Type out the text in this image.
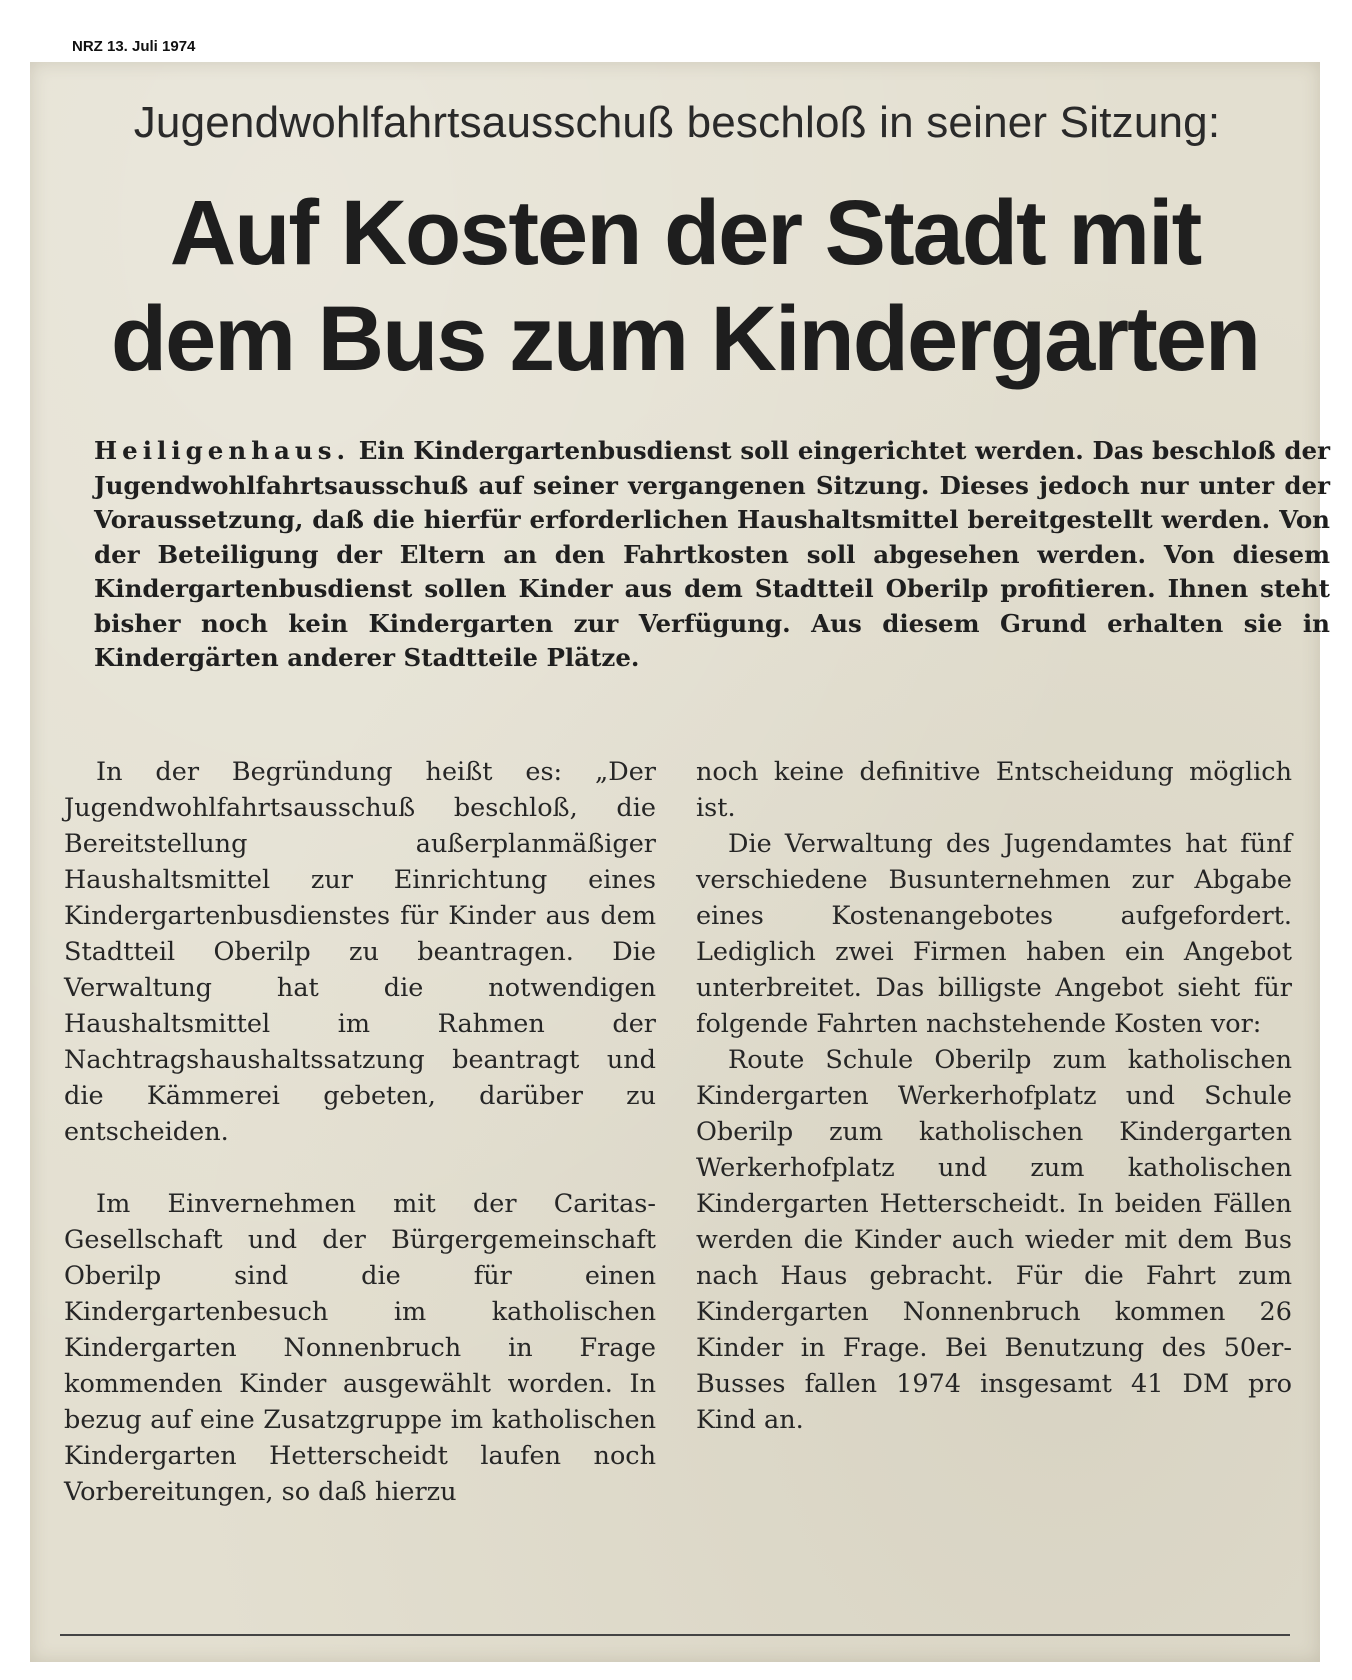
NRZ 13. Juli 1974
Jugendwohlfahrtsausschuß beschloß in seiner Sitzung:
Auf Kosten der Stadt mit dem Bus zum Kindergarten
Heiligenhaus. Ein Kindergartenbusdienst soll eingerichtet werden. Das beschloß der Jugendwohlfahrtsausschuß auf seiner vergangenen Sitzung. Dieses jedoch nur unter der Voraussetzung, daß die hierfür erforderlichen Haushaltsmittel bereitgestellt werden. Von der Beteiligung der Eltern an den Fahrtkosten soll abgesehen werden. Von diesem Kindergartenbusdienst sollen Kinder aus dem Stadtteil Oberilp profitieren. Ihnen steht bisher noch kein Kindergarten zur Verfügung. Aus diesem Grund erhalten sie in Kindergärten anderer Stadtteile Plätze.

In der Begründung heißt es: „Der Jugendwohlfahrtsausschuß beschloß, die Bereitstellung außerplanmäßiger Haushaltsmittel zur Einrichtung eines Kindergartenbusdienstes für Kinder aus dem Stadtteil Oberilp zu beantragen. Die Verwaltung hat die notwendigen Haushaltsmittel im Rahmen der Nachtragshaushaltssatzung beantragt und die Kämmerei gebeten, darüber zu entscheiden.

Im Einvernehmen mit der Caritas-Gesellschaft und der Bürgergemeinschaft Oberilp sind die für einen Kindergartenbesuch im katholischen Kindergarten Nonnenbruch in Frage kommenden Kinder ausgewählt worden. In bezug auf eine Zusatzgruppe im katholischen Kindergarten Hetterscheidt laufen noch Vorbereitungen, so daß hierzu

noch keine definitive Entscheidung möglich ist.

Die Verwaltung des Jugendamtes hat fünf verschiedene Busunternehmen zur Abgabe eines Kostenangebotes aufgefordert. Lediglich zwei Firmen haben ein Angebot unterbreitet. Das billigste Angebot sieht für folgende Fahrten nachstehende Kosten vor:

Route Schule Oberilp zum katholischen Kindergarten Werkerhofplatz und Schule Oberilp zum katholischen Kindergarten Werkerhofplatz und zum katholischen Kindergarten Hetterscheidt. In beiden Fällen werden die Kinder auch wieder mit dem Bus nach Haus gebracht. Für die Fahrt zum Kindergarten Nonnenbruch kommen 26 Kinder in Frage. Bei Benutzung des 50er-Busses fallen 1974 insgesamt 41 DM pro Kind an.
